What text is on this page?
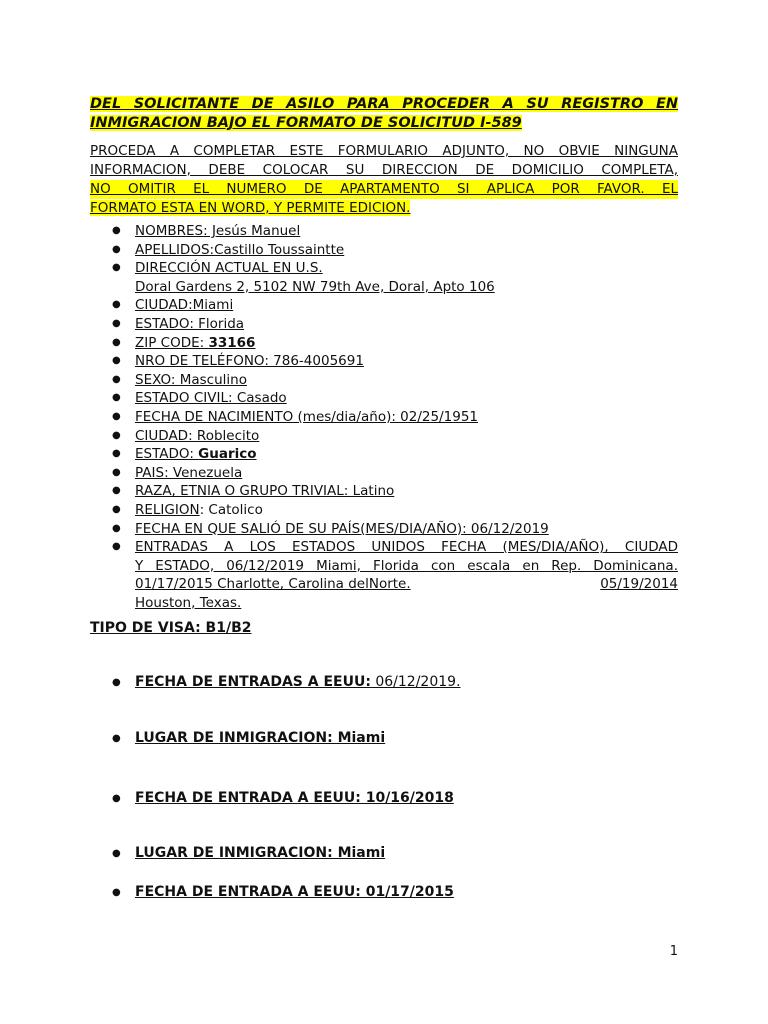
DEL SOLICITANTE DE ASILO PARA PROCEDER A SU REGISTRO EN INMIGRACION BAJO EL FORMATO DE SOLICITUD I-589

PROCEDA A COMPLETAR ESTE FORMULARIO ADJUNTO, NO OBVIE NINGUNA
INFORMACION, DEBE COLOCAR SU DIRECCION DE DOMICILIO COMPLETA,
NO OMITIR EL NUMERO DE APARTAMENTO SI APLICA POR FAVOR. EL
FORMATO ESTA EN WORD, Y PERMITE EDICION.
● NOMBRES: Jesús Manuel
● APELLIDOS:Castillo Toussaintte
● DIRECCIÓN ACTUAL EN U.S.
Doral Gardens 2, 5102 NW 79th Ave, Doral, Apto 106
● CIUDAD:Miami
● ESTADO: Florida
● ZIP CODE: 33166
● NRO DE TELÉFONO: 786-4005691
● SEXO: Masculino
● ESTADO CIVIL: Casado
● FECHA DE NACIMIENTO (mes/dia/año): 02/25/1951
● CIUDAD: Roblecito
● ESTADO: Guarico
● PAIS: Venezuela
● RAZA, ETNIA O GRUPO TRIVIAL: Latino
● RELIGION: Catolico
● FECHA EN QUE SALIÓ DE SU PAÍS(MES/DIA/AÑO): 06/12/2019
● ENTRADAS A LOS ESTADOS UNIDOS FECHA (MES/DIA/AÑO), CIUDAD
Y ESTADO, 06/12/2019 Miami, Florida con escala en Rep. Dominicana.
01/17/2015 Charlotte, Carolina delNorte.	05/19/2014
Houston, Texas.

TIPO DE VISA: B1/B2

● FECHA DE ENTRADAS A EEUU: 06/12/2019.
● LUGAR DE INMIGRACION: Miami
● FECHA DE ENTRADA A EEUU: 10/16/2018
● LUGAR DE INMIGRACION: Miami
● FECHA DE ENTRADA A EEUU: 01/17/2015
1
